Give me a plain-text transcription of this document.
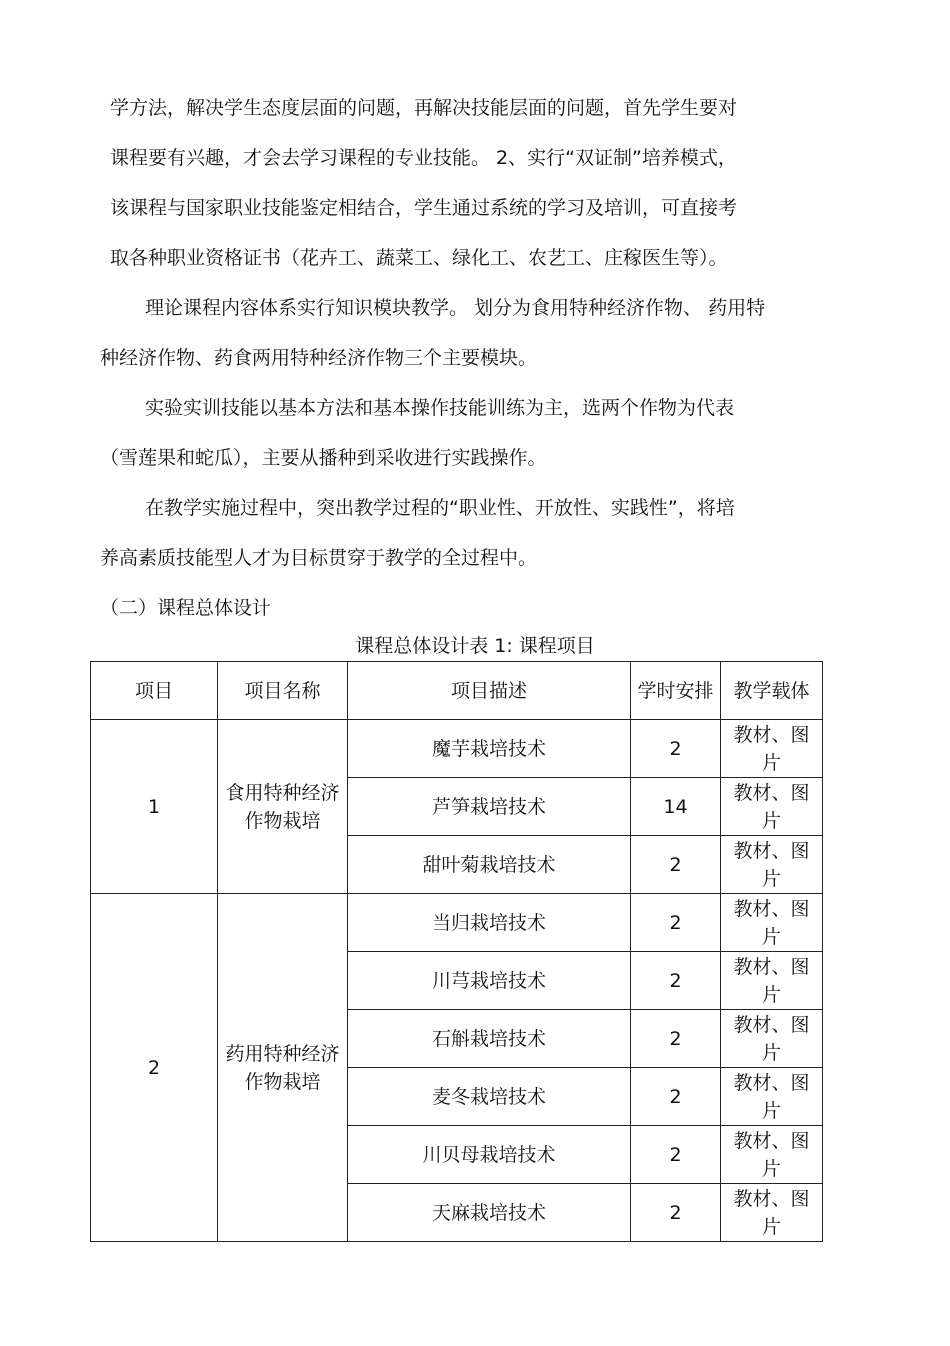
学方法，解决学生态度层面的问题，再解决技能层面的问题，首先学生要对
课程要有兴趣，才会去学习课程的专业技能。 2、实行“双证制”培养模式，
该课程与国家职业技能鉴定相结合，学生通过系统的学习及培训，可直接考
取各种职业资格证书（花卉工、蔬菜工、绿化工、农艺工、庄稼医生等）。
理论课程内容体系实行知识模块教学。 划分为食用特种经济作物、 药用特
种经济作物、药食两用特种经济作物三个主要模块。
实验实训技能以基本方法和基本操作技能训练为主，选两个作物为代表
（雪莲果和蛇瓜），主要从播种到采收进行实践操作。
在教学实施过程中，突出教学过程的“职业性、开放性、实践性”，将培
养高素质技能型人才为目标贯穿于教学的全过程中。
（二）课程总体设计
课程总体设计表 1: 课程项目
项目	项目名称	项目描述	学时安排	教学载体
1	食用特种经济作物栽培	魔芋栽培技术	2	教材、图片
		芦笋栽培技术	14	教材、图片
		甜叶菊栽培技术	2	教材、图片
2	药用特种经济作物栽培	当归栽培技术	2	教材、图片
		川芎栽培技术	2	教材、图片
		石斛栽培技术	2	教材、图片
		麦冬栽培技术	2	教材、图片
		川贝母栽培技术	2	教材、图片
		天麻栽培技术	2	教材、图片
